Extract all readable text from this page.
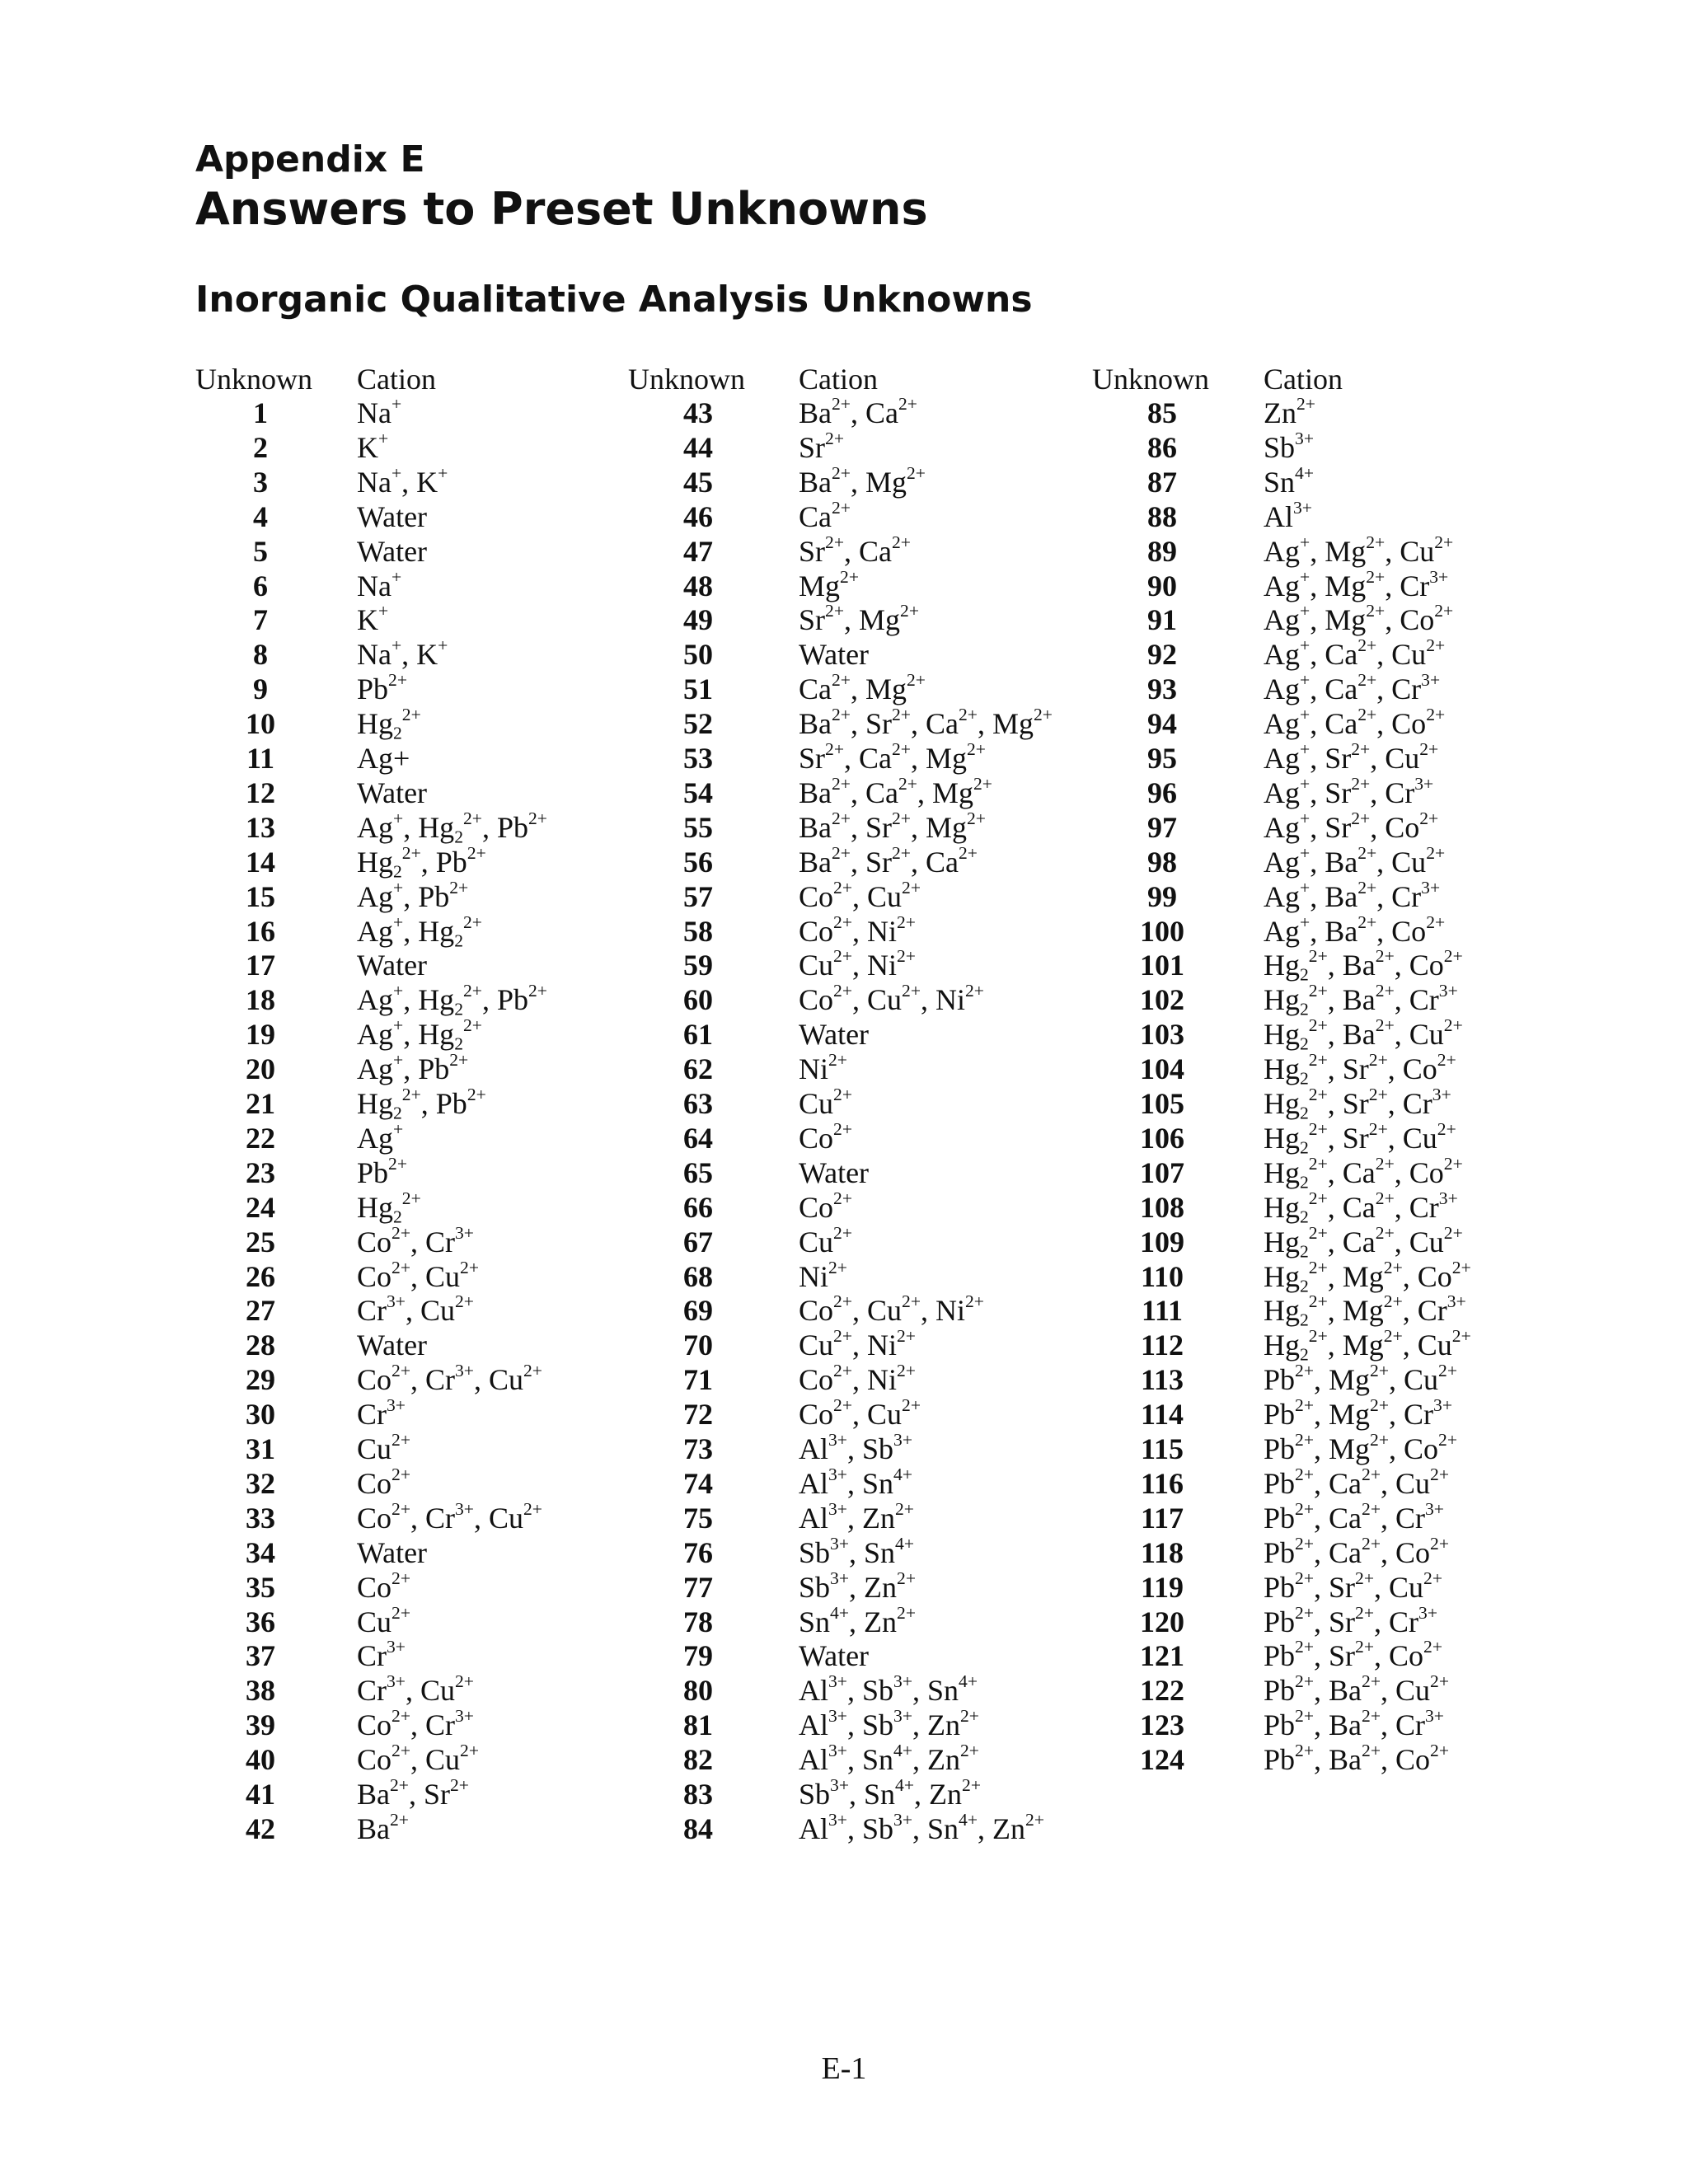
Appendix E
Answers to Preset Unknowns
Inorganic Qualitative Analysis Unknowns
Unknown Cation	Unknown Cation	Unknown Cation
1	Na+
2	K+
3	Na+, K+
4	Water
5	Water
6	Na+
7	K+
8	Na+, K+
9	$Pb^{2+}$
10	$Hg_2^{2+}$
11	Ag+
12	Water
13	Ag+, $Hg_2^{2+}$, $Pb^{2+}$
14	$Hg_2^{2+}$, $Pb^{2+}$
15	Ag+, $Pb^{2+}$
16	Ag+, $Hg_2^{2+}$
17	Water
18	Ag+, $Hg_2^{2+}$, $Pb^{2+}$
19	Ag+, $Hg_2^{2+}$
20	Ag+, $Pb^{2+}$
21	$Hg_2^{2+}$, $Pb^{2+}$
22	Ag+
23	$Pb^{2+}$
24	$Hg_2^{2+}$
25	$Co^{2+}$, $Cr^{3+}$
26	$Co^{2+}$, $Cu^{2+}$
27	$Cr^{3+}$, $Cu^{2+}$
28	Water
29	$Co^{2+}$, $Cr^{3+}$, $Cu^{2+}$
30	$Cr^{3+}$
31	$Cu^{2+}$
32	$Co^{2+}$
33	$Co^{2+}$, $Cr^{3+}$, $Cu^{2+}$
34	Water
35	$Co^{2+}$
36	$Cu^{2+}$
37	$Cr^{3+}$
38	$Cr^{3+}$, $Cu^{2+}$
39	$Co^{2+}$, $Cr^{3+}$
40	$Co^{2+}$, $Cu^{2+}$
41	$Ba^{2+}$, $Sr^{2+}$
42	$Ba^{2+}$
43	$Ba^{2+}$, $Ca^{2+}$
44	$Sr^{2+}$
45	$Ba^{2+}$, $Mg^{2+}$
46	$Ca^{2+}$
47	$Sr^{2+}$, $Ca^{2+}$
48	$Mg^{2+}$
49	$Sr^{2+}$, $Mg^{2+}$
50	Water
51	$Ca^{2+}$, $Mg^{2+}$
52	$Ba^{2+}$, $Sr^{2+}$, $Ca^{2+}$, $Mg^{2+}$
53	$Sr^{2+}$, $Ca^{2+}$, $Mg^{2+}$
54	$Ba^{2+}$, $Ca^{2+}$, $Mg^{2+}$
55	$Ba^{2+}$, $Sr^{2+}$, $Mg^{2+}$
56	$Ba^{2+}$, $Sr^{2+}$, $Ca^{2+}$
57	$Co^{2+}$, $Cu^{2+}$
58	$Co^{2+}$, $Ni^{2+}$
59	$Cu^{2+}$, $Ni^{2+}$
60	$Co^{2+}$, $Cu^{2+}$, $Ni^{2+}$
61	Water
62	$Ni^{2+}$
63	$Cu^{2+}$
64	$Co^{2+}$
65	Water
66	$Co^{2+}$
67	$Cu^{2+}$
68	$Ni^{2+}$
69	$Co^{2+}$, $Cu^{2+}$, $Ni^{2+}$
70	$Cu^{2+}$, $Ni^{2+}$
71	$Co^{2+}$, $Ni^{2+}$
72	$Co^{2+}$, $Cu^{2+}$
73	$Al^{3+}$, $Sb^{3+}$
74	$Al^{3+}$, $Sn^{4+}$
75	$Al^{3+}$, $Zn^{2+}$
76	$Sb^{3+}$, $Sn^{4+}$
77	$Sb^{3+}$, $Zn^{2+}$
78	$Sn^{4+}$, $Zn^{2+}$
79	Water
80	$Al^{3+}$, $Sb^{3+}$, $Sn^{4+}$
81	$Al^{3+}$, $Sb^{3+}$, $Zn^{2+}$
82	$Al^{3+}$, $Sn^{4+}$, $Zn^{2+}$
83	$Sb^{3+}$, $Sn^{4+}$, $Zn^{2+}$
84	$Al^{3+}$, $Sb^{3+}$, $Sn^{4+}$, $Zn^{2+}$
85	$Zn^{2+}$
86	$Sb^{3+}$
87	$Sn^{4+}$
88	$Al^{3+}$
89	Ag+, $Mg^{2+}$, $Cu^{2+}$
90	Ag+, $Mg^{2+}$, $Cr^{3+}$
91	Ag+, $Mg^{2+}$, $Co^{2+}$
92	Ag+, $Ca^{2+}$, $Cu^{2+}$
93	Ag+, $Ca^{2+}$, $Cr^{3+}$
94	Ag+, $Ca^{2+}$, $Co^{2+}$
95	Ag+, $Sr^{2+}$, $Cu^{2+}$
96	Ag+, $Sr^{2+}$, $Cr^{3+}$
97	Ag+, $Sr^{2+}$, $Co^{2+}$
98	Ag+, $Ba^{2+}$, $Cu^{2+}$
99	Ag+, $Ba^{2+}$, $Cr^{3+}$
100	Ag+, $Ba^{2+}$, $Co^{2+}$
101	$Hg_2^{2+}$, $Ba^{2+}$, $Co^{2+}$
102	$Hg_2^{2+}$, $Ba^{2+}$, $Cr^{3+}$
103	$Hg_2^{2+}$, $Ba^{2+}$, $Cu^{2+}$
104	$Hg_2^{2+}$, $Sr^{2+}$, $Co^{2+}$
105	$Hg_2^{2+}$, $Sr^{2+}$, $Cr^{3+}$
106	$Hg_2^{2+}$, $Sr^{2+}$, $Cu^{2+}$
107	$Hg_2^{2+}$, $Ca^{2+}$, $Co^{2+}$
108	$Hg_2^{2+}$, $Ca^{2+}$, $Cr^{3+}$
109	$Hg_2^{2+}$, $Ca^{2+}$, $Cu^{2+}$
110	$Hg_2^{2+}$, $Mg^{2+}$, $Co^{2+}$
111	$Hg_2^{2+}$, $Mg^{2+}$, $Cr^{3+}$
112	$Hg_2^{2+}$, $Mg^{2+}$, $Cu^{2+}$
113	$Pb^{2+}$, $Mg^{2+}$, $Cu^{2+}$
114	$Pb^{2+}$, $Mg^{2+}$, $Cr^{3+}$
115	$Pb^{2+}$, $Mg^{2+}$, $Co^{2+}$
116	$Pb^{2+}$, $Ca^{2+}$, $Cu^{2+}$
117	$Pb^{2+}$, $Ca^{2+}$, $Cr^{3+}$
118	$Pb^{2+}$, $Ca^{2+}$, $Co^{2+}$
119	$Pb^{2+}$, $Sr^{2+}$, $Cu^{2+}$
120	$Pb^{2+}$, $Sr^{2+}$, $Cr^{3+}$
121	$Pb^{2+}$, $Sr^{2+}$, $Co^{2+}$
122	$Pb^{2+}$, $Ba^{2+}$, $Cu^{2+}$
123	$Pb^{2+}$, $Ba^{2+}$, $Cr^{3+}$
124	$Pb^{2+}$, $Ba^{2+}$, $Co^{2+}$
E-1
